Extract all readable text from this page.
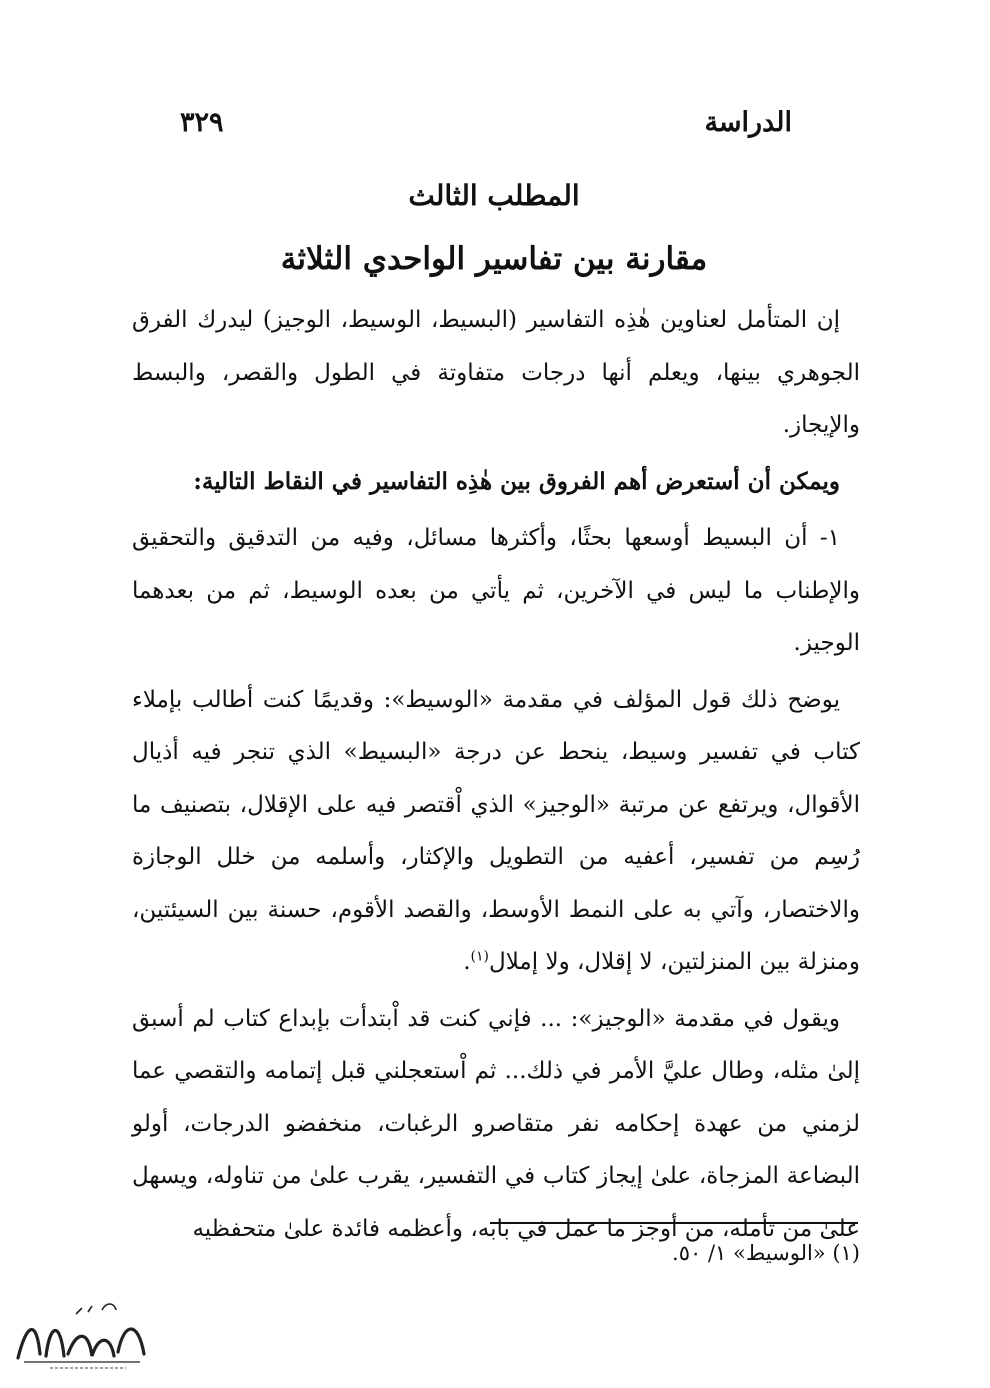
الدراسة
٣٢٩
المطلب الثالث
مقارنة بين تفاسير الواحدي الثلاثة

إن المتأمل لعناوين هٰذِه التفاسير (البسيط، الوسيط، الوجيز) ليدرك الفرق الجوهري بينها، ويعلم أنها درجات متفاوتة في الطول والقصر، والبسط والإيجاز.

ويمكن أن أستعرض أهم الفروق بين هٰذِه التفاسير في النقاط التالية:

١- أن البسيط أوسعها بحثًا، وأكثرها مسائل، وفيه من التدقيق والتحقيق والإطناب ما ليس في الآخرين، ثم يأتي من بعده الوسيط، ثم من بعدهما الوجيز.

يوضح ذلك قول المؤلف في مقدمة «الوسيط»: وقديمًا كنت أطالب بإملاء كتاب في تفسير وسيط، ينحط عن درجة «البسيط» الذي تنجر فيه أذيال الأقوال، ويرتفع عن مرتبة «الوجيز» الذي اْقتصر فيه على الإقلال، بتصنيف ما رُسِم من تفسير، أعفيه من التطويل والإكثار، وأسلمه من خلل الوجازة والاختصار، وآتي به على النمط الأوسط، والقصد الأقوم، حسنة بين السيئتين، ومنزلة بين المنزلتين، لا إقلال، ولا إملال$^{(١)}$.

ويقول في مقدمة «الوجيز»: ... فإني كنت قد اْبتدأت بإبداع كتاب لم أسبق إلىٰ مثله، وطال عليَّ الأمر في ذلك... ثم اْستعجلني قبل إتمامه والتقصي عما لزمني من عهدة إحكامه نفر متقاصرو الرغبات، منخفضو الدرجات، أولو البضاعة المزجاة، علىٰ إيجاز كتاب في التفسير، يقرب علىٰ من تناوله، ويسهل علىٰ من تأمله، من أوجز ما عمل في بابه، وأعظمه فائدة علىٰ متحفظيه

(١) «الوسيط» ١/ ٥٠.
